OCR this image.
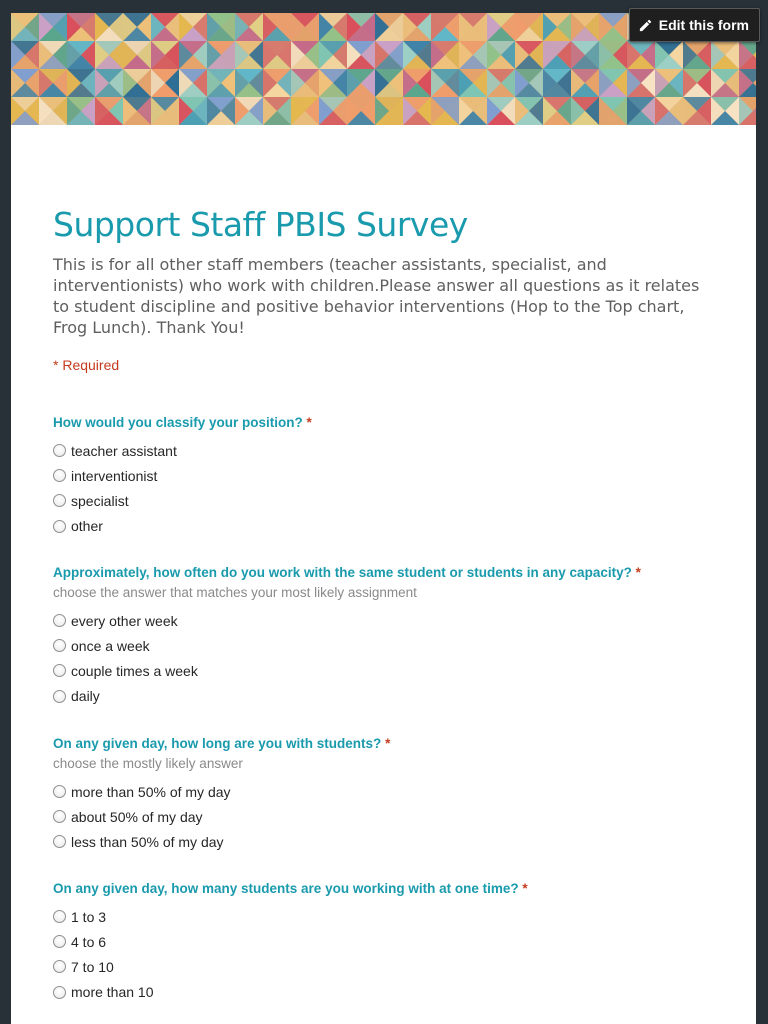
Edit this form
Support Staff PBIS Survey

This is for all other staff members (teacher assistants, specialist, and interventionists) who work with children.Please answer all questions as it relates to student discipline and positive behavior interventions (Hop to the Top chart, Frog Lunch). Thank You!

* Required
How would you classify your position? *
teacher assistant
interventionist
specialist
other
Approximately, how often do you work with the same student or students in any capacity? *
choose the answer that matches your most likely assignment
every other week
once a week
couple times a week
daily
On any given day, how long are you with students? *
choose the mostly likely answer
more than 50% of my day
about 50% of my day
less than 50% of my day
On any given day, how many students are you working with at one time? *
1 to 3
4 to 6
7 to 10
more than 10
